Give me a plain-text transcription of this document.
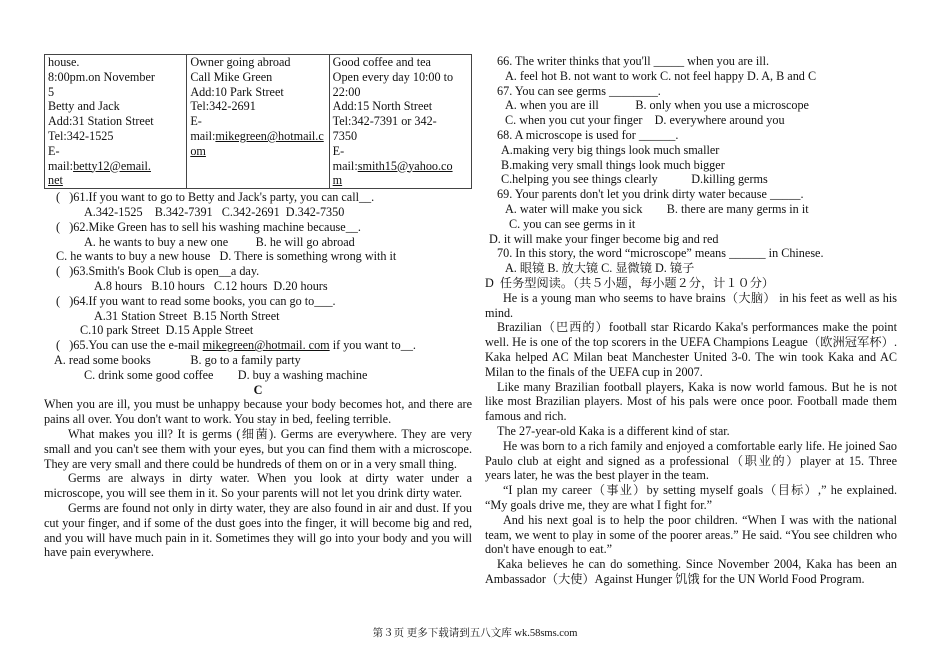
house.
8:00pm.on November
5
Betty and Jack
Add:31 Station Street
Tel:342-1525
E-
mail:betty12@email.
net

Owner going abroad
Call Mike Green
Add:10 Park Street
Tel:342-2691
E-
mail:mikegreen@hotmail.c
om

Good coffee and tea
Open every day 10:00 to
22:00
Add:15 North Street
Tel:342-7391 or 342-
7350
E-
mail:smith15@yahoo.co
m
(   )61.If you want to go to Betty and Jack's party, you can call__.
A.342-1525    B.342-7391   C.342-2691  D.342-7350
(   )62.Mike Green has to sell his washing machine because__.
A. he wants to buy a new one         B. he will go abroad
C. he wants to buy a new house   D. There is something wrong with it
(   )63.Smith's Book Club is open__a day.
A.8 hours   B.10 hours   C.12 hours  D.20 hours
(   )64.If you want to read some books, you can go to___.
A.31 Station Street  B.15 North Street
C.10 park Street  D.15 Apple Street
(   )65.You can use the e-mail mikegreen@hotmail. com if you want to__.
A. read some books             B. go to a family party
C. drink some good coffee        D. buy a washing machine
C
When you are ill, you must be unhappy because your body becomes hot, and there are pains all over. You don't want to work. You stay in bed, feeling terrible.
What makes you ill? It is germs (细菌). Germs are everywhere. They are very small and you can't see them with your eyes, but you can find them with a microscope. They are very small and there could be hundreds of them on or in a very small thing.
Germs are always in dirty water. When you look at dirty water under a microscope, you will see them in it. So your parents will not let you drink dirty water.
Germs are found not only in dirty water, they are also found in air and dust. If you cut your finger, and if some of the dust goes into the finger, it will become big and red, and you will have much pain in it. Sometimes they will go into your body and you will have pain everywhere.
66. The writer thinks that you'll _____ when you are ill.
A. feel hot B. not want to work C. not feel happy D. A, B and C
67. You can see germs ________.
A. when you are ill            B. only when you use a microscope
C. when you cut your finger    D. everywhere around you
68. A microscope is used for ______.
A.making very big things look much smaller
B.making very small things look much bigger
C.helping you see things clearly           D.killing germs
69. Your parents don't let you drink dirty water because _____.
A. water will make you sick        B. there are many germs in it
C. you can see germs in it
D. it will make your finger become big and red
70. In this story, the word “microscope” means ______ in Chinese.
A. 眼镜 B. 放大镜 C. 显微镜 D. 镜子
D  任务型阅读。（共５小题，每小题２分，计１０分）
He is a young man who seems to have brains（大脑） in his feet as well as his mind.
Brazilian（巴西的）football star Ricardo Kaka's performances make the point well. He is one of the top scorers in the UEFA Champions League（欧洲冠军杯）. Kaka helped AC Milan beat Manchester United 3-0. The win took Kaka and AC Milan to the finals of the UEFA cup in 2007.
Like many Brazilian football players, Kaka is now world famous. But he is not like most Brazilian players. Most of his pals were once poor. Football made them famous and rich.
The 27-year-old Kaka is a different kind of star.
He was born to a rich family and enjoyed a comfortable early life. He joined Sao Paulo club at eight and signed as a professional（职业的）player at 15. Three years later, he was the best player in the team.
“I plan my career（事业）by setting myself goals（目标）,” he explained. “My goals drive me, they are what I fight for.”
And his next goal is to help the poor children. “When I was with the national team, we went to play in some of the poorer areas.” He said. “You see children who don't have enough to eat.”
Kaka believes he can do something. Since November 2004, Kaka has been an Ambassador（大使）Against Hunger 饥饿 for the UN World Food Program.
第３页 更多下载请到五八文库 wk.58sms.com
